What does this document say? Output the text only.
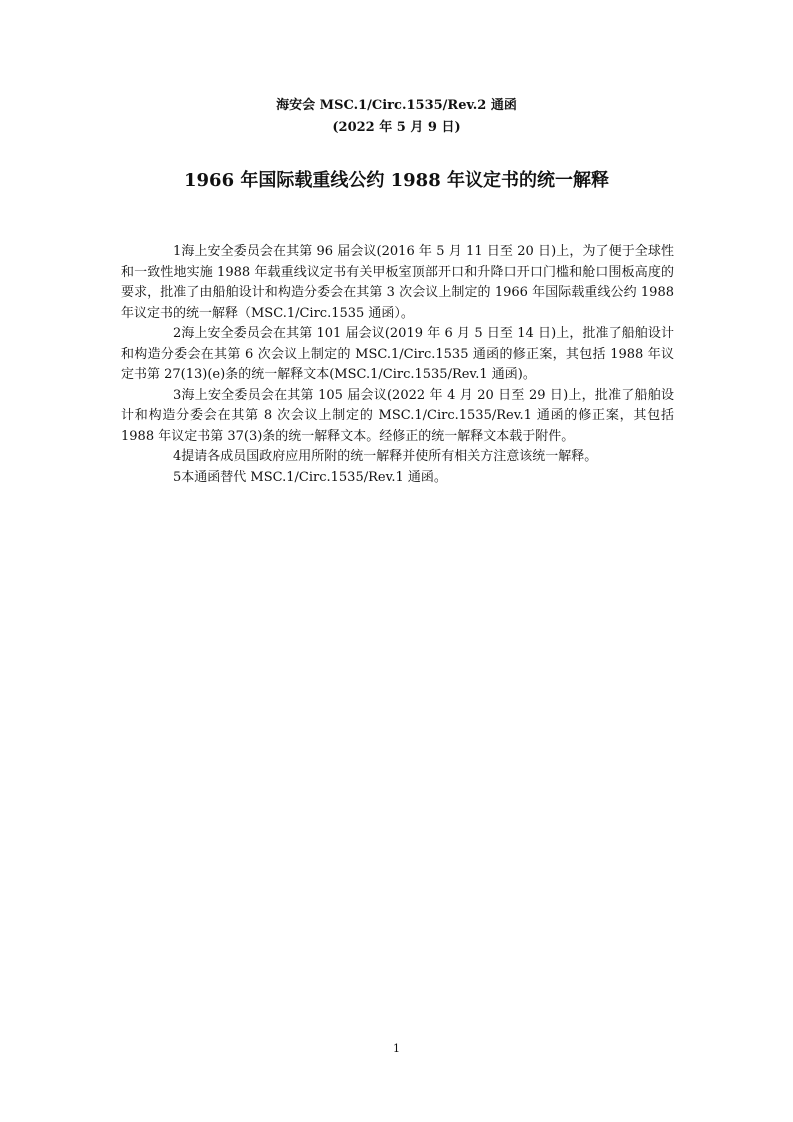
海安会 MSC.1/Circ.1535/Rev.2 通函
(2022 年 5 月 9 日)
1966 年国际载重线公约 1988 年议定书的统一解释

1海上安全委员会在其第 96 届会议(2016 年 5 月 11 日至 20 日)上，为了便于全球性和一致性地实施 1988 年载重线议定书有关甲板室顶部开口和升降口开口门槛和舱口围板高度的要求，批准了由船舶设计和构造分委会在其第 3 次会议上制定的 1966 年国际载重线公约 1988 年议定书的统一解释（MSC.1/Circ.1535 通函）。

2海上安全委员会在其第 101 届会议(2019 年 6 月 5 日至 14 日)上，批准了船舶设计和构造分委会在其第 6 次会议上制定的 MSC.1/Circ.1535 通函的修正案，其包括 1988 年议定书第 27(13)(e)条的统一解释文本(MSC.1/Circ.1535/Rev.1 通函)。

3海上安全委员会在其第 105 届会议(2022 年 4 月 20 日至 29 日)上，批准了船舶设计和构造分委会在其第 8 次会议上制定的 MSC.1/Circ.1535/Rev.1 通函的修正案，其包括 1988 年议定书第 37(3)条的统一解释文本。经修正的统一解释文本载于附件。

4提请各成员国政府应用所附的统一解释并使所有相关方注意该统一解释。

5本通函替代 MSC.1/Circ.1535/Rev.1 通函。

1
